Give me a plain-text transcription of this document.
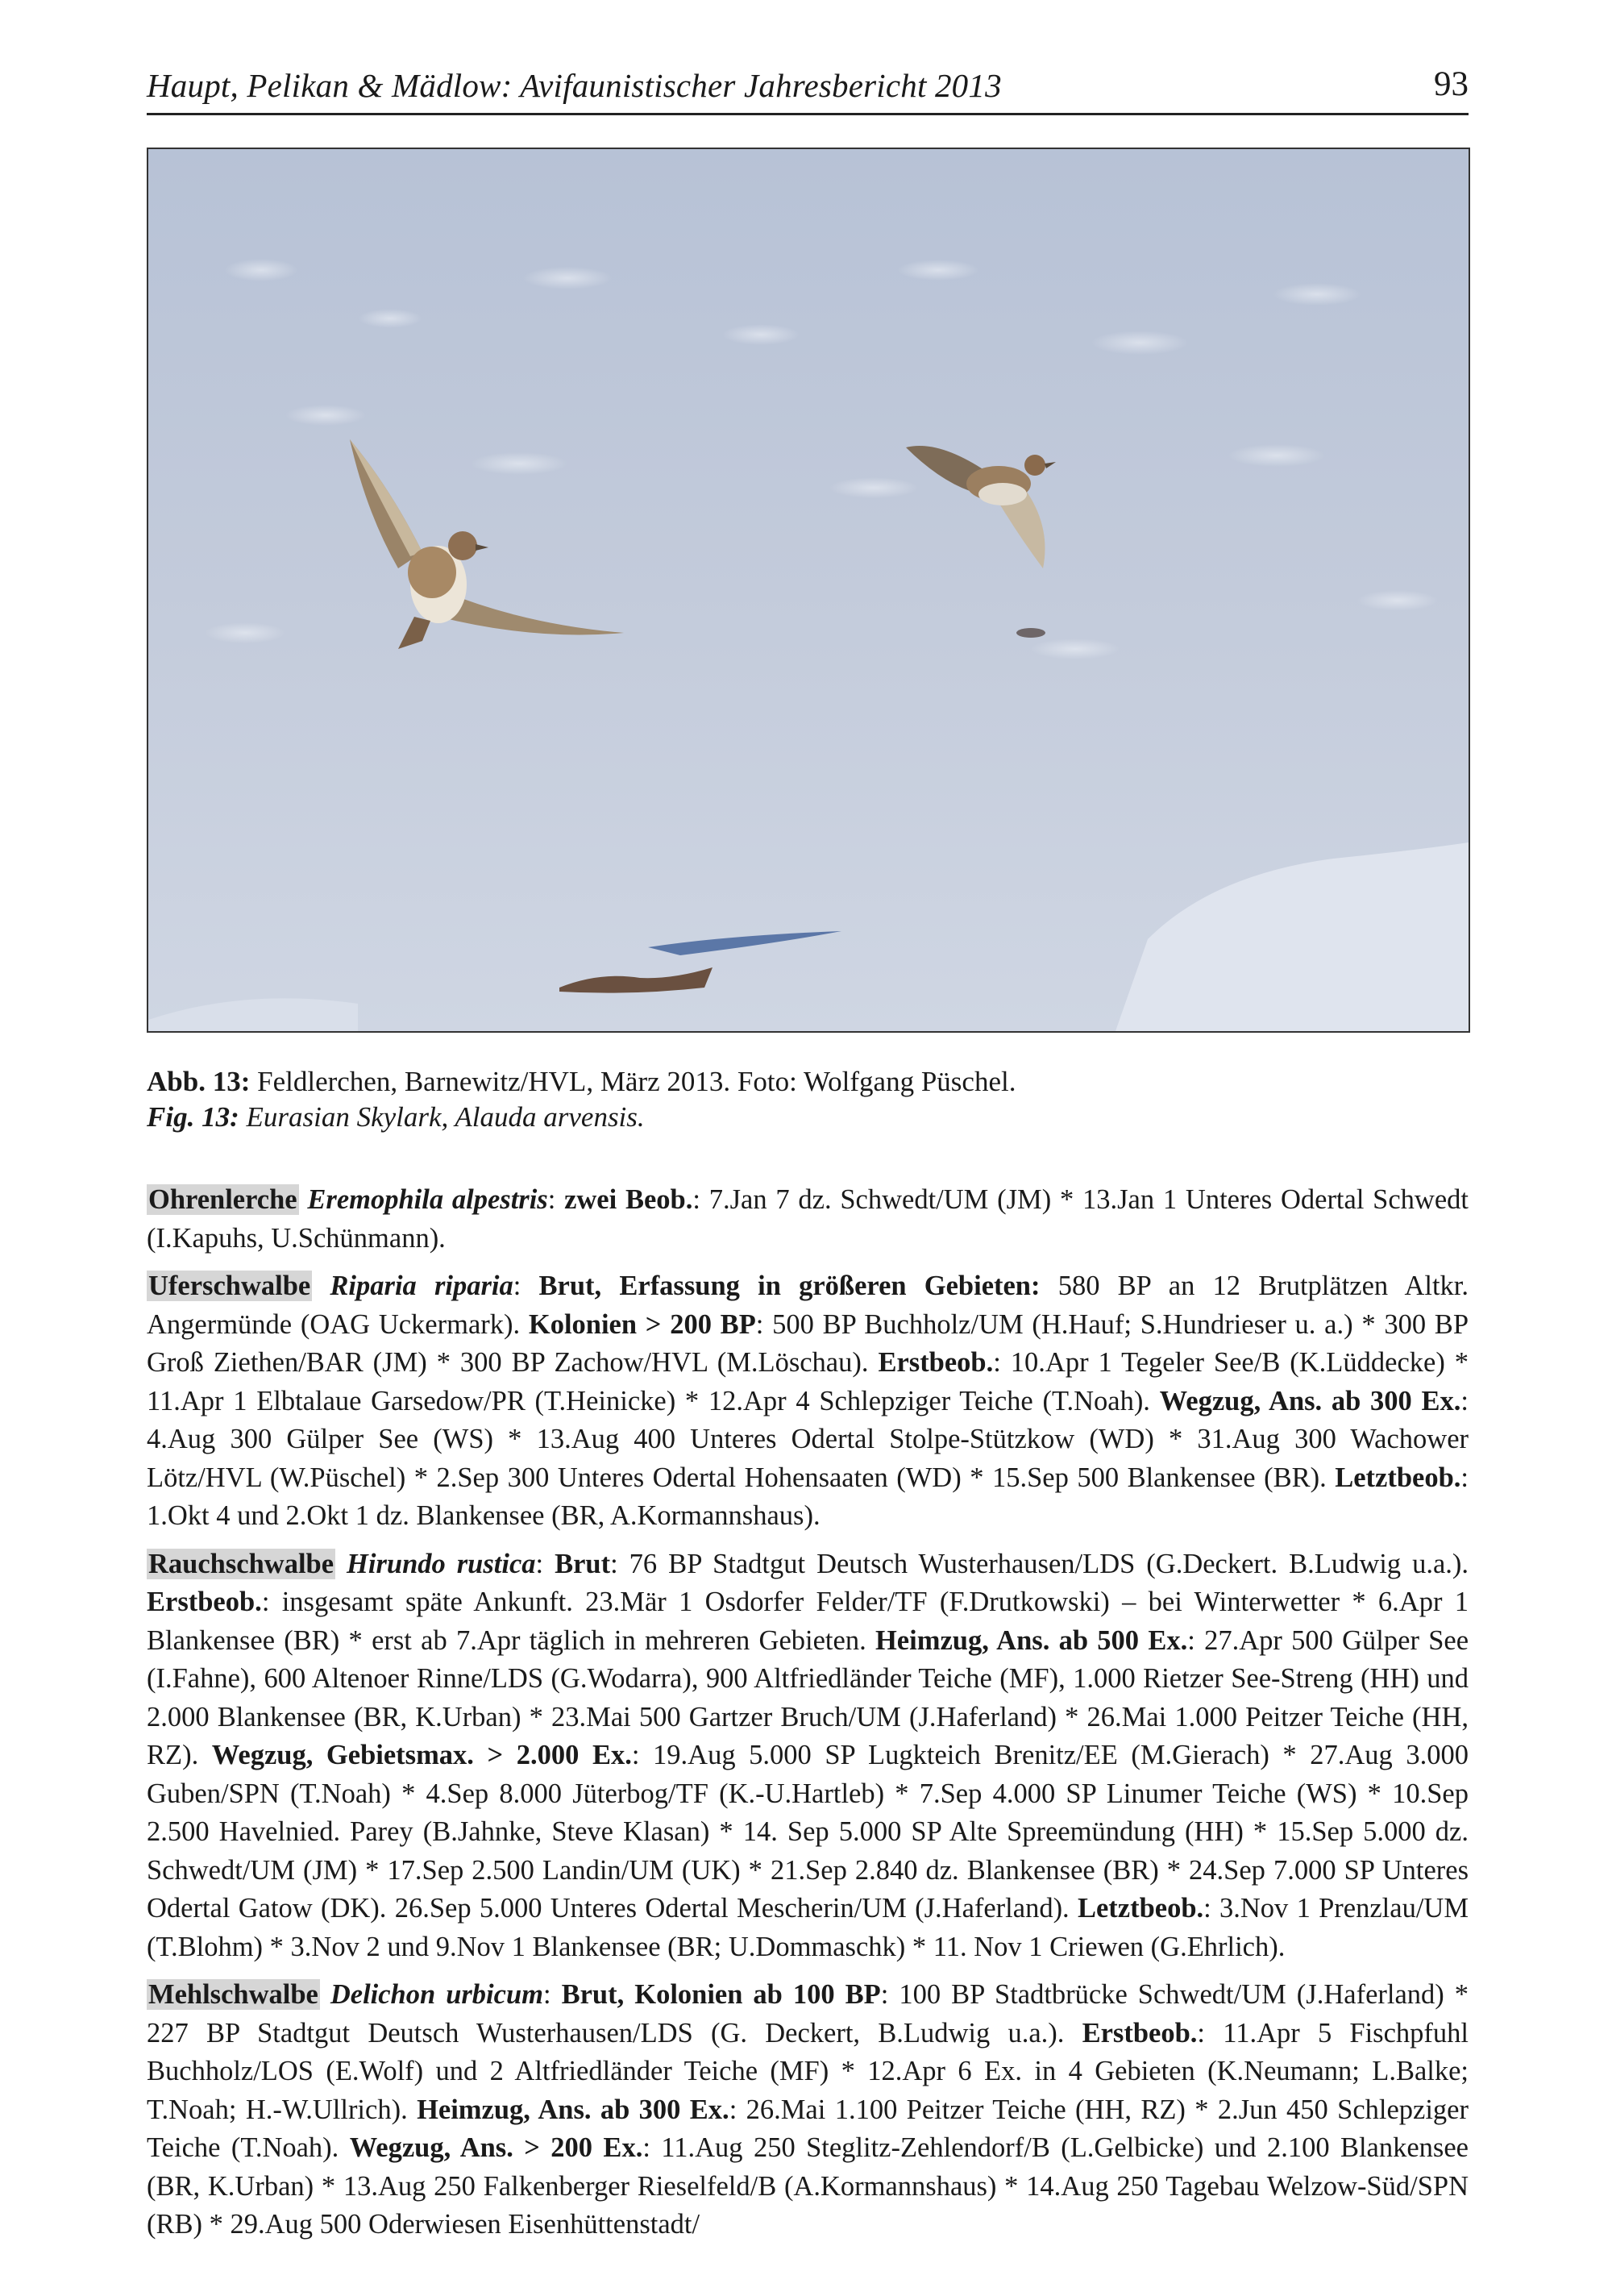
Haupt, Pelikan & Mädlow: Avifaunistischer Jahresbericht 2013	93
Abb. 13: Feldlerchen, Barnewitz/HVL, März 2013. Foto: Wolfgang Püschel.
Fig. 13: Eurasian Skylark, Alauda arvensis.

Ohrenlerche Eremophila alpestris: zwei Beob.: 7.Jan 7 dz. Schwedt/UM (JM) * 13.Jan 1 Unteres Odertal Schwedt (I.Kapuhs, U.Schünmann).

Uferschwalbe Riparia riparia: Brut, Erfassung in größeren Gebieten: 580 BP an 12 Brutplätzen Altkr. Angermünde (OAG Uckermark). Kolonien > 200 BP: 500 BP Buchholz/UM (H.Hauf; S.Hundrieser u. a.) * 300 BP Groß Ziethen/BAR (JM) * 300 BP Zachow/HVL (M.Löschau). Erstbeob.: 10.Apr 1 Tegeler See/B (K.Lüddecke) * 11.Apr 1 Elbtalaue Garsedow/PR (T.Heinicke) * 12.Apr 4 Schlepziger Teiche (T.Noah). Wegzug, Ans. ab 300 Ex.: 4.Aug 300 Gülper See (WS) * 13.Aug 400 Unteres Odertal Stolpe-Stützkow (WD) * 31.Aug 300 Wachower Lötz/HVL (W.Püschel) * 2.Sep 300 Unteres Odertal Hohensaaten (WD) * 15.Sep 500 Blankensee (BR). Letztbeob.: 1.Okt 4 und 2.Okt 1 dz. Blankensee (BR, A.Kormannshaus).

Rauchschwalbe Hirundo rustica: Brut: 76 BP Stadtgut Deutsch Wusterhausen/LDS (G.Deckert. B.Ludwig u.a.). Erstbeob.: insgesamt späte Ankunft. 23.Mär 1 Osdorfer Felder/TF (F.Drutkowski) – bei Winterwetter * 6.Apr 1 Blankensee (BR) * erst ab 7.Apr täglich in mehreren Gebieten. Heimzug, Ans. ab 500 Ex.: 27.Apr 500 Gülper See (I.Fahne), 600 Altenoer Rinne/LDS (G.Wodarra), 900 Altfriedländer Teiche (MF), 1.000 Rietzer See-Streng (HH) und 2.000 Blankensee (BR, K.Urban) * 23.Mai 500 Gartzer Bruch/UM (J.Haferland) * 26.Mai 1.000 Peitzer Teiche (HH, RZ). Wegzug, Gebietsmax. > 2.000 Ex.: 19.Aug 5.000 SP Lugkteich Brenitz/EE (M.Gierach) * 27.Aug 3.000 Guben/SPN (T.Noah) * 4.Sep 8.000 Jüterbog/TF (K.-U.Hartleb) * 7.Sep 4.000 SP Linumer Teiche (WS) * 10.Sep 2.500 Havelnied. Parey (B.Jahnke, Steve Klasan) * 14. Sep 5.000 SP Alte Spreemündung (HH) * 15.Sep 5.000 dz. Schwedt/UM (JM) * 17.Sep 2.500 Landin/UM (UK) * 21.Sep 2.840 dz. Blankensee (BR) * 24.Sep 7.000 SP Unteres Odertal Gatow (DK). 26.Sep 5.000 Unteres Odertal Mescherin/UM (J.Haferland). Letztbeob.: 3.Nov 1 Prenzlau/UM (T.Blohm) * 3.Nov 2 und 9.Nov 1 Blankensee (BR; U.Dommaschk) * 11. Nov 1 Criewen (G.Ehrlich).

Mehlschwalbe Delichon urbicum: Brut, Kolonien ab 100 BP: 100 BP Stadtbrücke Schwedt/UM (J.Haferland) * 227 BP Stadtgut Deutsch Wusterhausen/LDS (G. Deckert, B.Ludwig u.a.). Erstbeob.: 11.Apr 5 Fischpfuhl Buchholz/LOS (E.Wolf) und 2 Altfriedländer Teiche (MF) * 12.Apr 6 Ex. in 4 Gebieten (K.Neumann; L.Balke; T.Noah; H.-W.Ullrich). Heimzug, Ans. ab 300 Ex.: 26.Mai 1.100 Peitzer Teiche (HH, RZ) * 2.Jun 450 Schlepziger Teiche (T.Noah). Wegzug, Ans. > 200 Ex.: 11.Aug 250 Steglitz-Zehlendorf/B (L.Gelbicke) und 2.100 Blankensee (BR, K.Urban) * 13.Aug 250 Falkenberger Rieselfeld/B (A.Kormannshaus) * 14.Aug 250 Tagebau Welzow-Süd/SPN (RB) * 29.Aug 500 Oderwiesen Eisenhüttenstadt/
